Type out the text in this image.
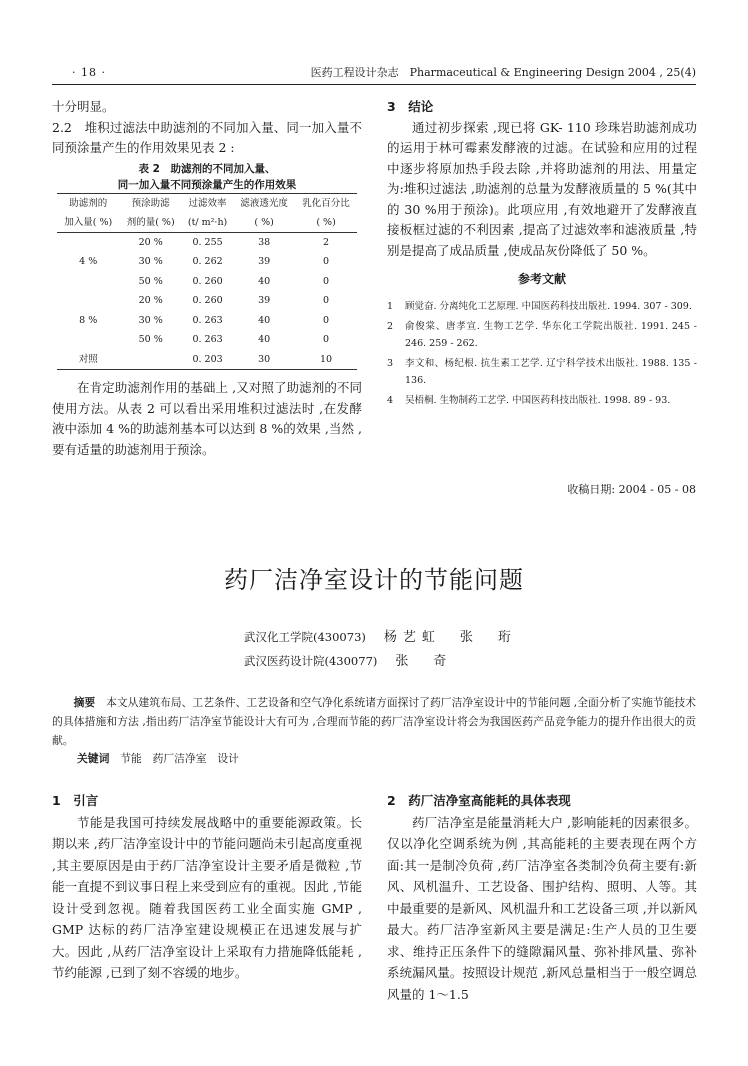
· 18 ·	医药工程设计杂志　Pharmaceutical & Engineering Design 2004 , 25(4)

十分明显。

2.2　堆积过滤法中助滤剂的不同加入量、同一加入量不同预涂量产生的作用效果见表 2 :

表 2　助滤剂的不同加入量、
同一加入量不同预涂量产生的作用效果
助滤剂的	预涂助滤	过滤效率	滤液透光度	乳化百分比
加入量( %)	剂的量( %)	(t/ m²·h)	( %)	( %)
	20 %	0. 255	38	2
4 %	30 %	0. 262	39	0
	50 %	0. 260	40	0
	20 %	0. 260	39	0
8 %	30 %	0. 263	40	0
	50 %	0. 263	40	0
对照		0. 203	30	10

在肯定助滤剂作用的基础上 ,又对照了助滤剂的不同使用方法。从表 2 可以看出采用堆积过滤法时 ,在发酵液中添加 4 %的助滤剂基本可以达到 8 %的效果 ,当然 ,要有适量的助滤剂用于预涂。

3　结论

通过初步探索 ,现已将 GK- 110 珍珠岩助滤剂成功的运用于林可霉素发酵液的过滤。在试验和应用的过程中逐步将原加热手段去除 ,并将助滤剂的用法、用量定为:堆积过滤法 ,助滤剂的总量为发酵液质量的 5 %(其中的 30 %用于预涂)。此项应用 ,有效地避开了发酵液直接板框过滤的不利因素 ,提高了过滤效率和滤液质量 ,特别是提高了成品质量 ,使成品灰份降低了 50 %。

参考文献
1	顾觉奋. 分离纯化工艺原理. 中国医药科技出版社. 1994. 307 - 309.
2	俞俊棠、唐孝宣. 生物工艺学. 华东化工学院出版社. 1991. 245 - 246. 259 - 262.
3	李文和、杨纪根. 抗生素工艺学. 辽宁科学技术出版社. 1988. 135 - 136.
4	吴梧桐. 生物制药工艺学. 中国医药科技出版社. 1998. 89 - 93.
收稿日期: 2004 - 05 - 08
药厂洁净室设计的节能问题
武汉化工学院(430073) 杨艺虹　张　珩
武汉医药设计院(430077) 张　奇
摘要　 本文从建筑布局、工艺条件、工艺设备和空气净化系统诸方面探讨了药厂洁净室设计中的节能问题 ,全面分析了实施节能技术的具体措施和方法 ,指出药厂洁净室节能设计大有可为 ,合理而节能的药厂洁净室设计将会为我国医药产品竞争能力的提升作出很大的贡献。
关键词　 节能　药厂洁净室　设计

1　引言

节能是我国可持续发展战略中的重要能源政策。长期以来 ,药厂洁净室设计中的节能问题尚未引起高度重视 ,其主要原因是由于药厂洁净室设计主要矛盾是微粒 ,节能一直提不到议事日程上来受到应有的重视。因此 ,节能设计受到忽视。随着我国医药工业全面实施 GMP , GMP 达标的药厂洁净室建设规模正在迅速发展与扩大。因此 ,从药厂洁净室设计上采取有力措施降低能耗 ,节约能源 ,已到了刻不容缓的地步。

2　药厂洁净室高能耗的具体表现

药厂洁净室是能量消耗大户 ,影响能耗的因素很多。仅以净化空调系统为例 ,其高能耗的主要表现在两个方面:其一是制冷负荷 ,药厂洁净室各类制冷负荷主要有:新风、风机温升、工艺设备、围护结构、照明、人等。其中最重要的是新风、风机温升和工艺设备三项 ,并以新风最大。药厂洁净室新风主要是满足:生产人员的卫生要求、维持正压条件下的缝隙漏风量、弥补排风量、弥补系统漏风量。按照设计规范 ,新风总量相当于一般空调总风量的 1～1.5
